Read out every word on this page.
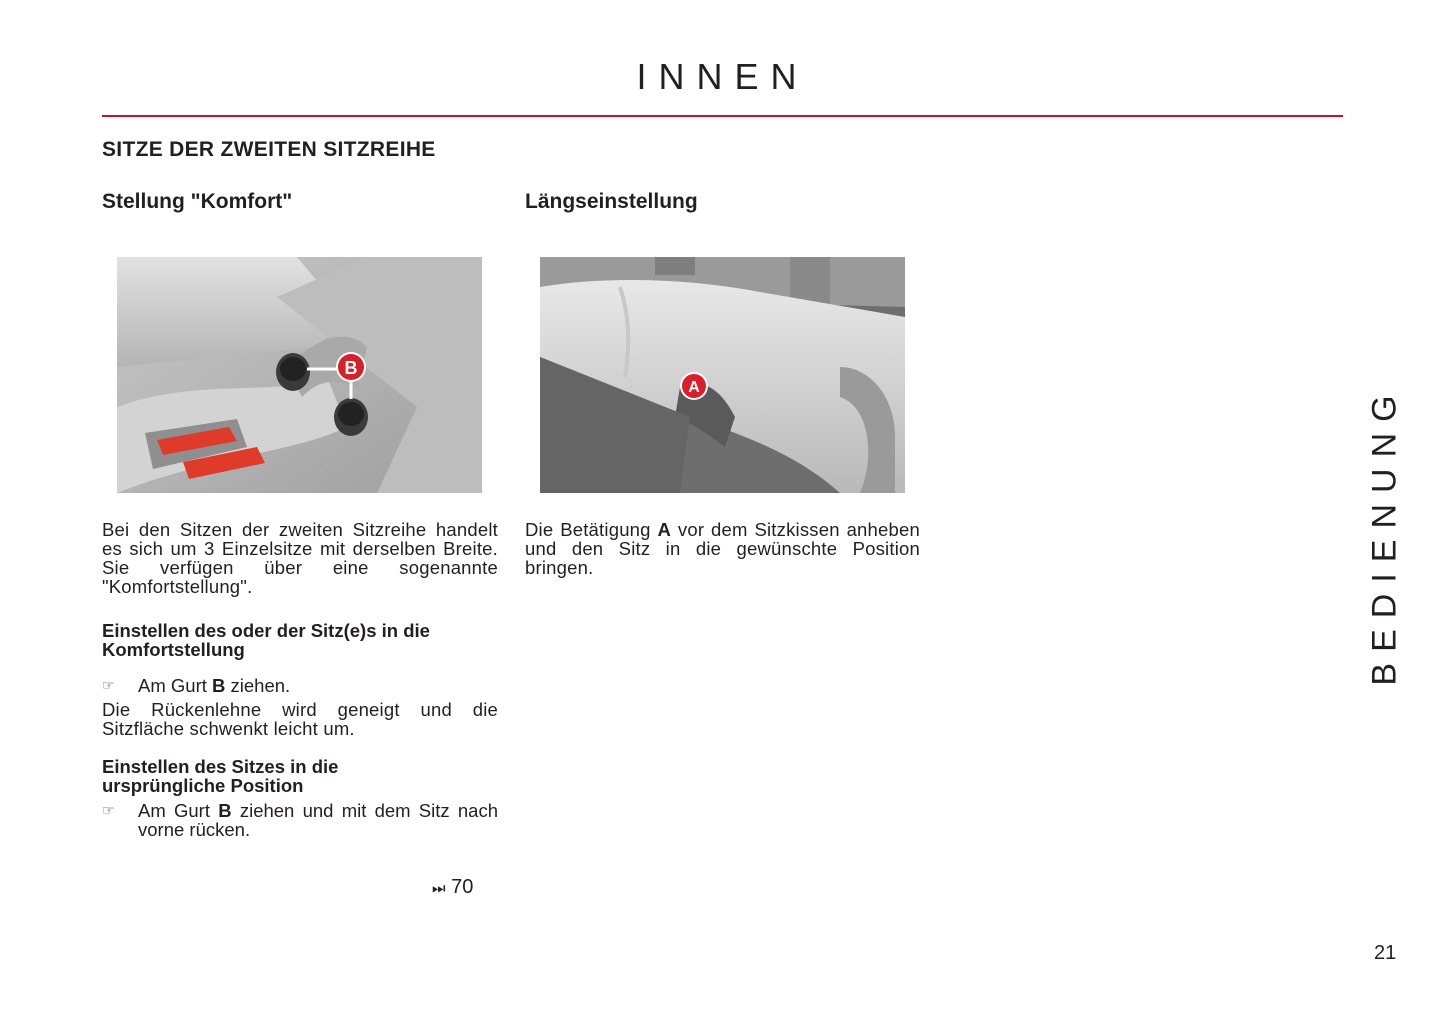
INNEN
SITZE DER ZWEITEN SITZREIHE
Stellung "Komfort"
B
Bei den Sitzen der zweiten Sitzreihe handelt es sich um 3 Einzelsitze mit derselben Breite. Sie verfügen über eine sogenannte "Komfortstellung".
Einstellen des oder der Sitz(e)s in die Komfortstellung
☞	Am Gurt B ziehen.
Die Rückenlehne wird geneigt und die Sitzfläche schwenkt leicht um.
Einstellen des Sitzes in die ursprüngliche Position
☞	Am Gurt B ziehen und mit dem Sitz nach vorne rücken.
⏭ 70
Längseinstellung
A
Die Betätigung A vor dem Sitzkissen anheben und den Sitz in die gewünschte Position bringen.	BEDIENUNG
21
